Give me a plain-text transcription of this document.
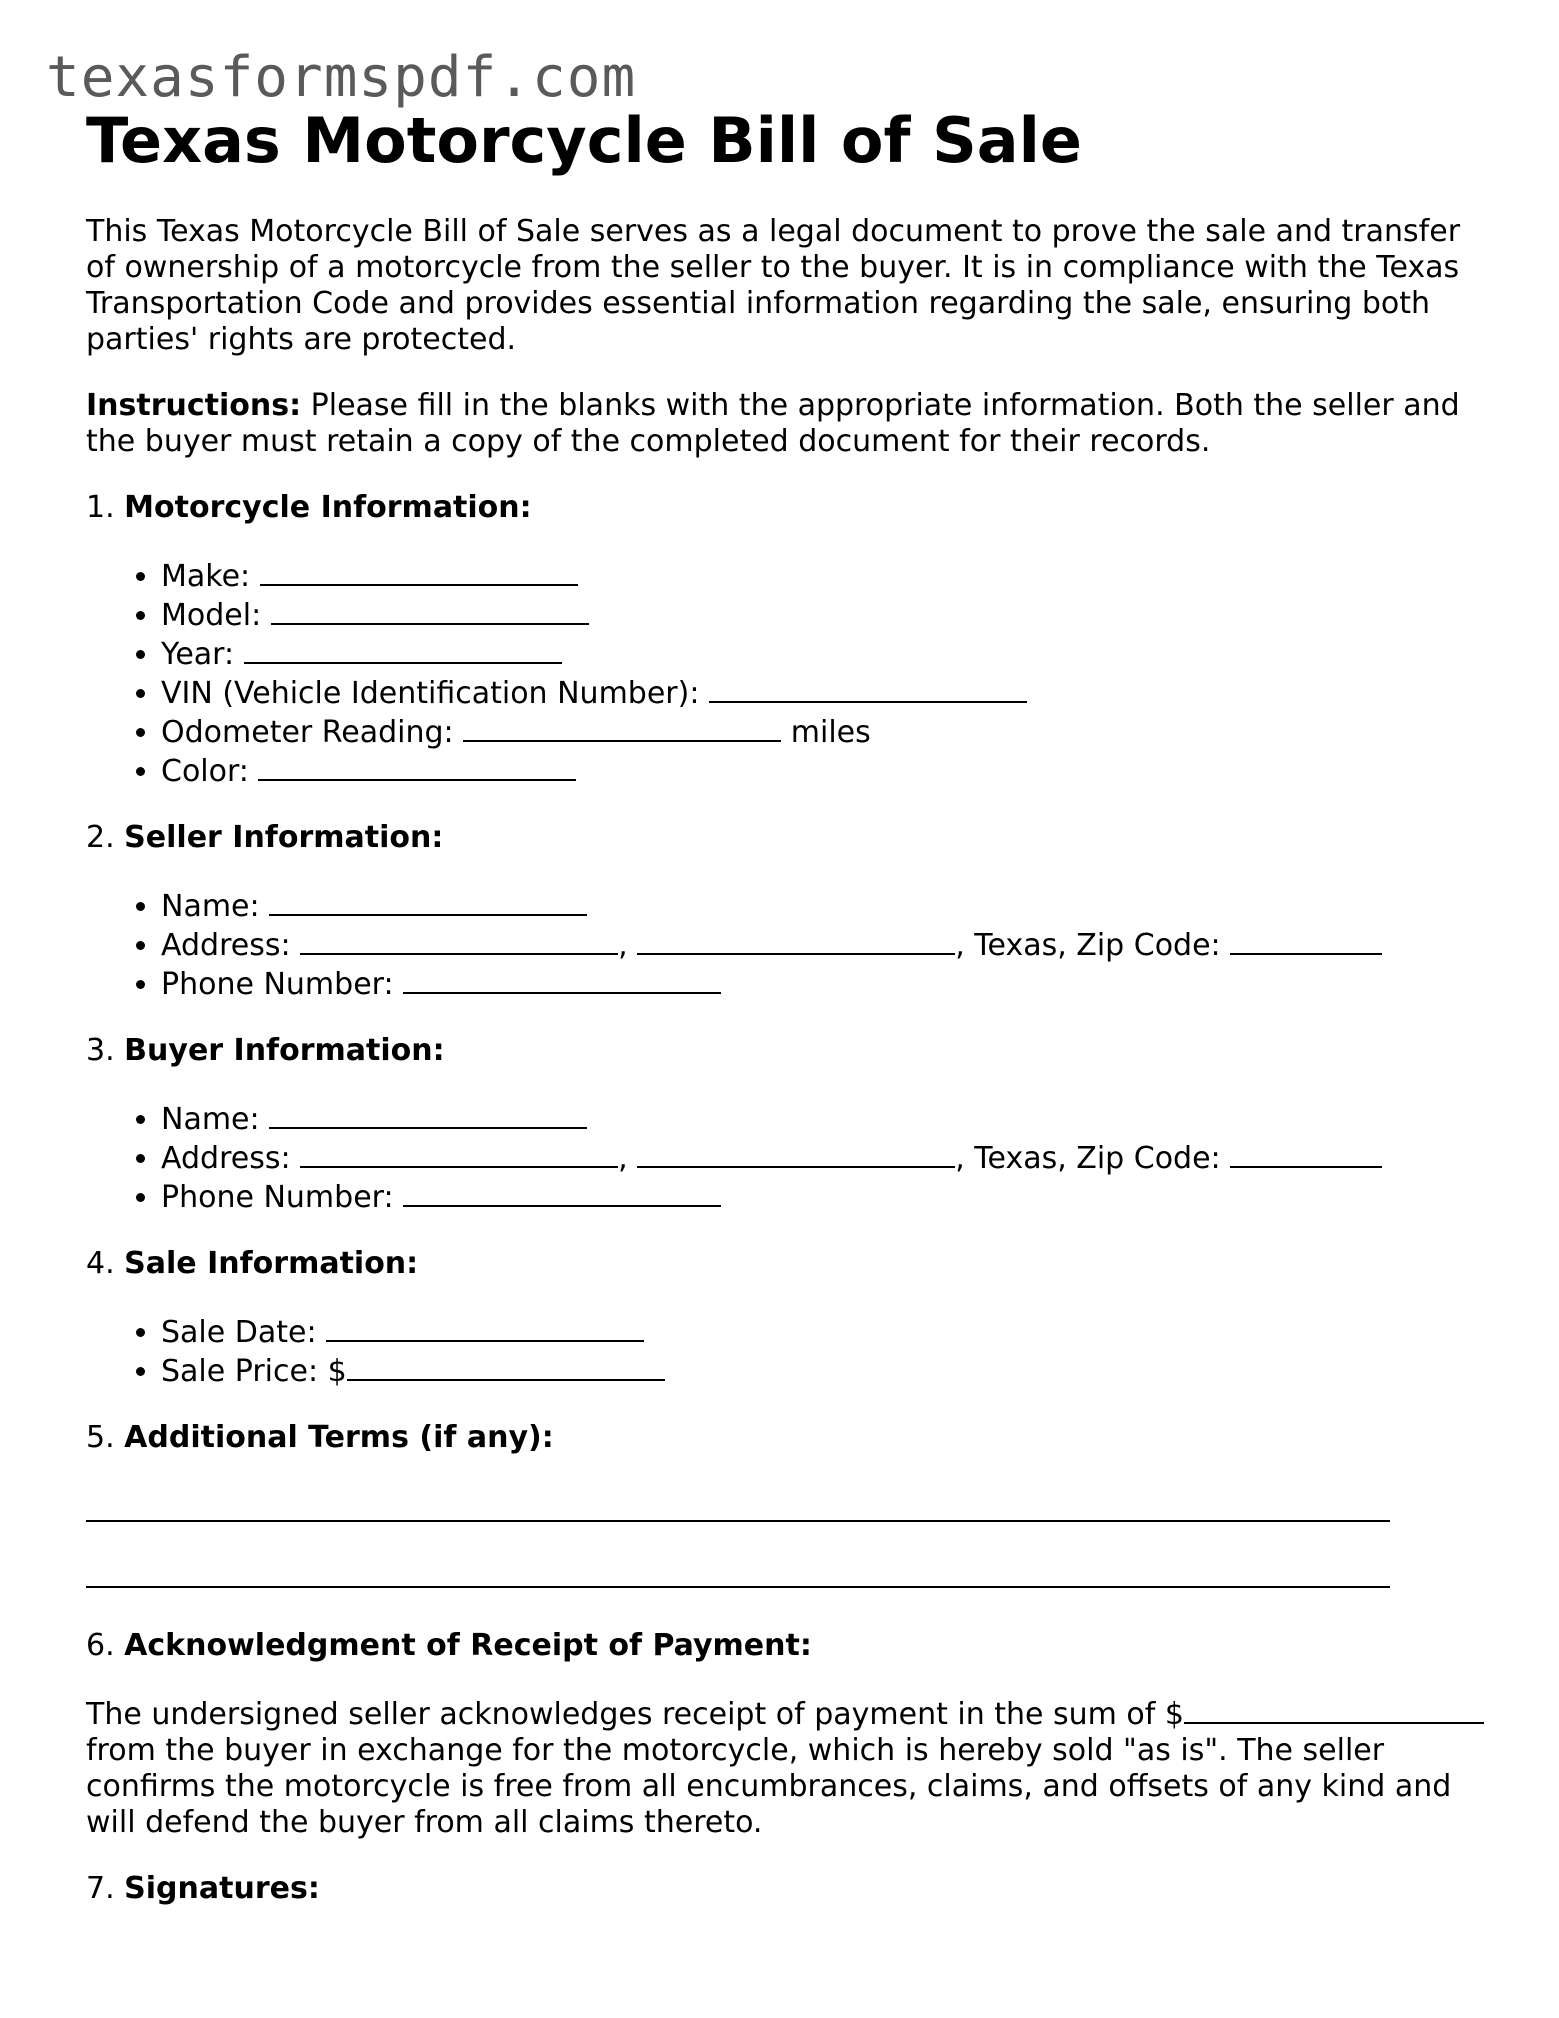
texasformspdf.com
Texas Motorcycle Bill of Sale

This Texas Motorcycle Bill of Sale serves as a legal document to prove the sale and transfer of ownership of a motorcycle from the seller to the buyer. It is in compliance with the Texas Transportation Code and provides essential information regarding the sale, ensuring both parties' rights are protected.

Instructions: Please fill in the blanks with the appropriate information. Both the seller and the buyer must retain a copy of the completed document for their records.

1. Motorcycle Information:
• Make:
• Model:
• Year:
• VIN (Vehicle Identification Number):
• Odometer Reading:	miles
• Color:
2. Seller Information:
• Name:
• Address:	,	, Texas, Zip Code:
• Phone Number:
3. Buyer Information:
• Name:
• Address:	,	, Texas, Zip Code:
• Phone Number:
4. Sale Information:
• Sale Date:
• Sale Price: $
5. Additional Terms (if any):
6. Acknowledgment of Receipt of Payment:

The undersigned seller acknowledges receipt of payment in the sum of $ from the buyer in exchange for the motorcycle, which is hereby sold "as is". The seller confirms the motorcycle is free from all encumbrances, claims, and offsets of any kind and will defend the buyer from all claims thereto.

7. Signatures:
